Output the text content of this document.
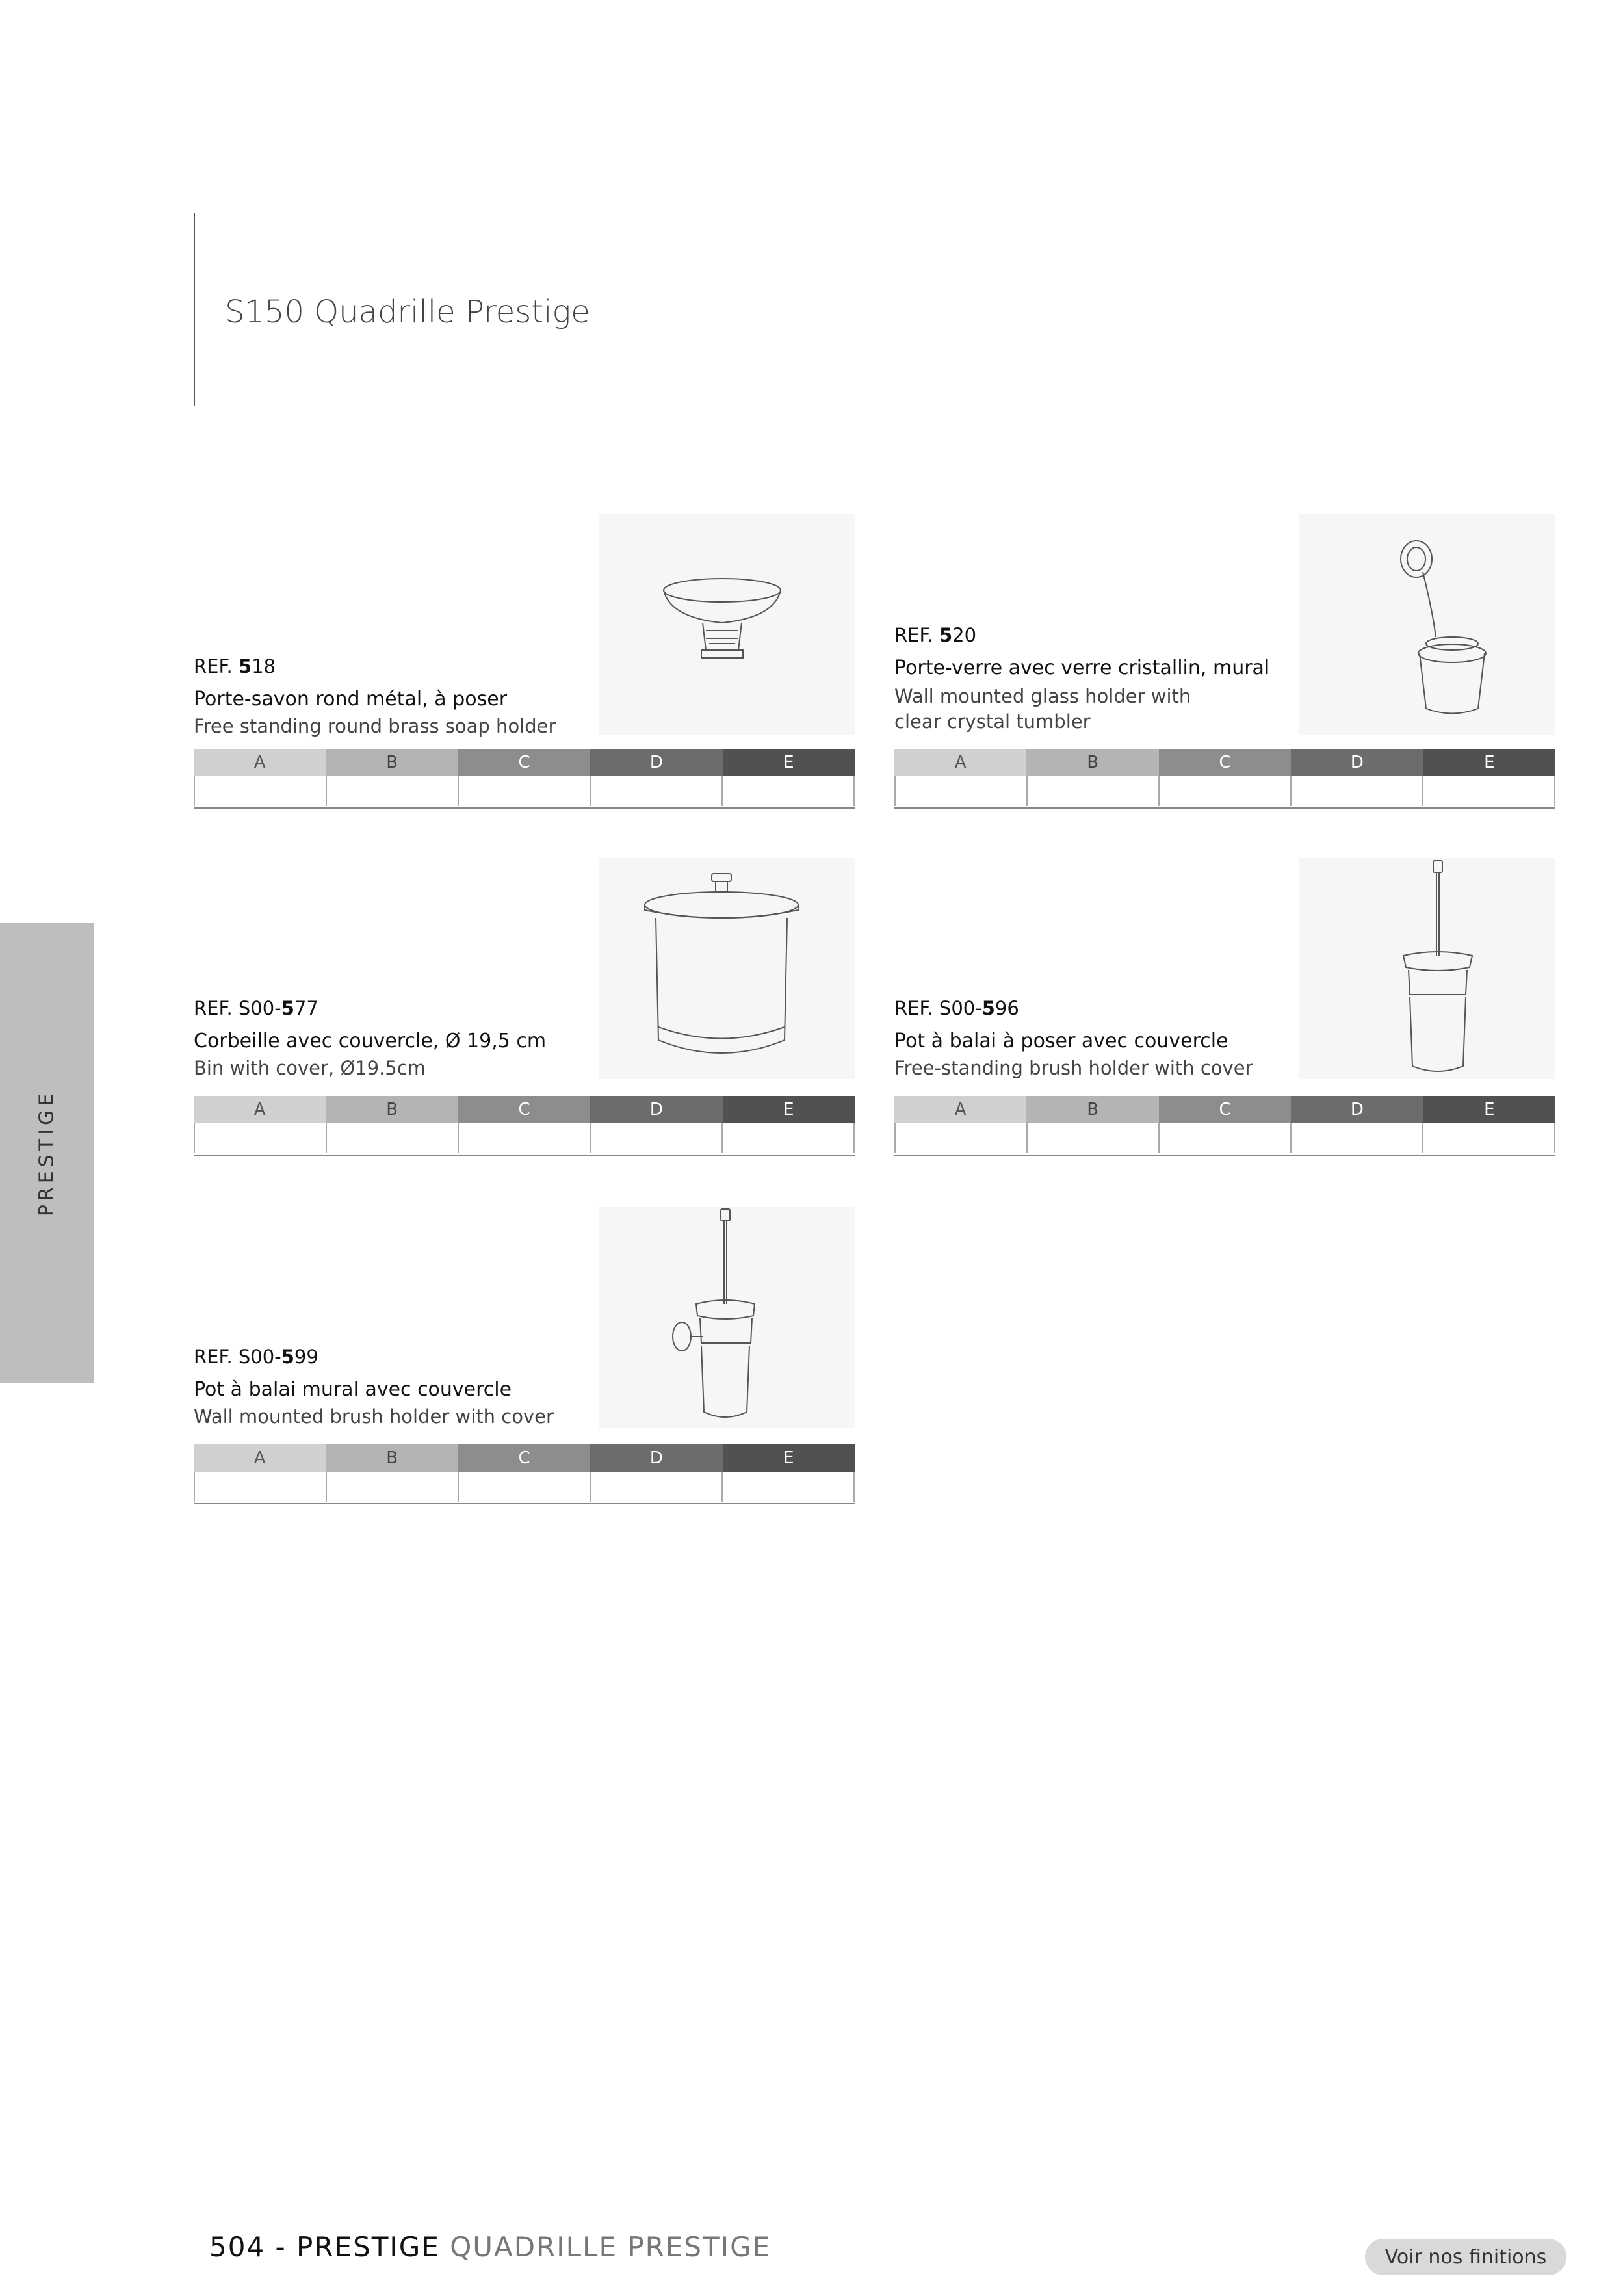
S150 Quadrille Prestige
PRESTIGE
REF. 518
Porte-savon rond métal, à poser
Free standing round brass soap holder
A	B	C	D	E
REF. 520
Porte-verre avec verre cristallin, mural
Wall mounted glass holder with clear crystal tumbler
A	B	C	D	E
REF. S00-577
Corbeille avec couvercle, Ø 19,5 cm
Bin with cover, Ø19.5cm
A	B	C	D	E
REF. S00-596
Pot à balai à poser avec couvercle
Free-standing brush holder with cover
A	B	C	D	E
REF. S00-599
Pot à balai mural avec couvercle
Wall mounted brush holder with cover
A	B	C	D	E
504 - PRESTIGE QUADRILLE PRESTIGE	Voir nos finitions
